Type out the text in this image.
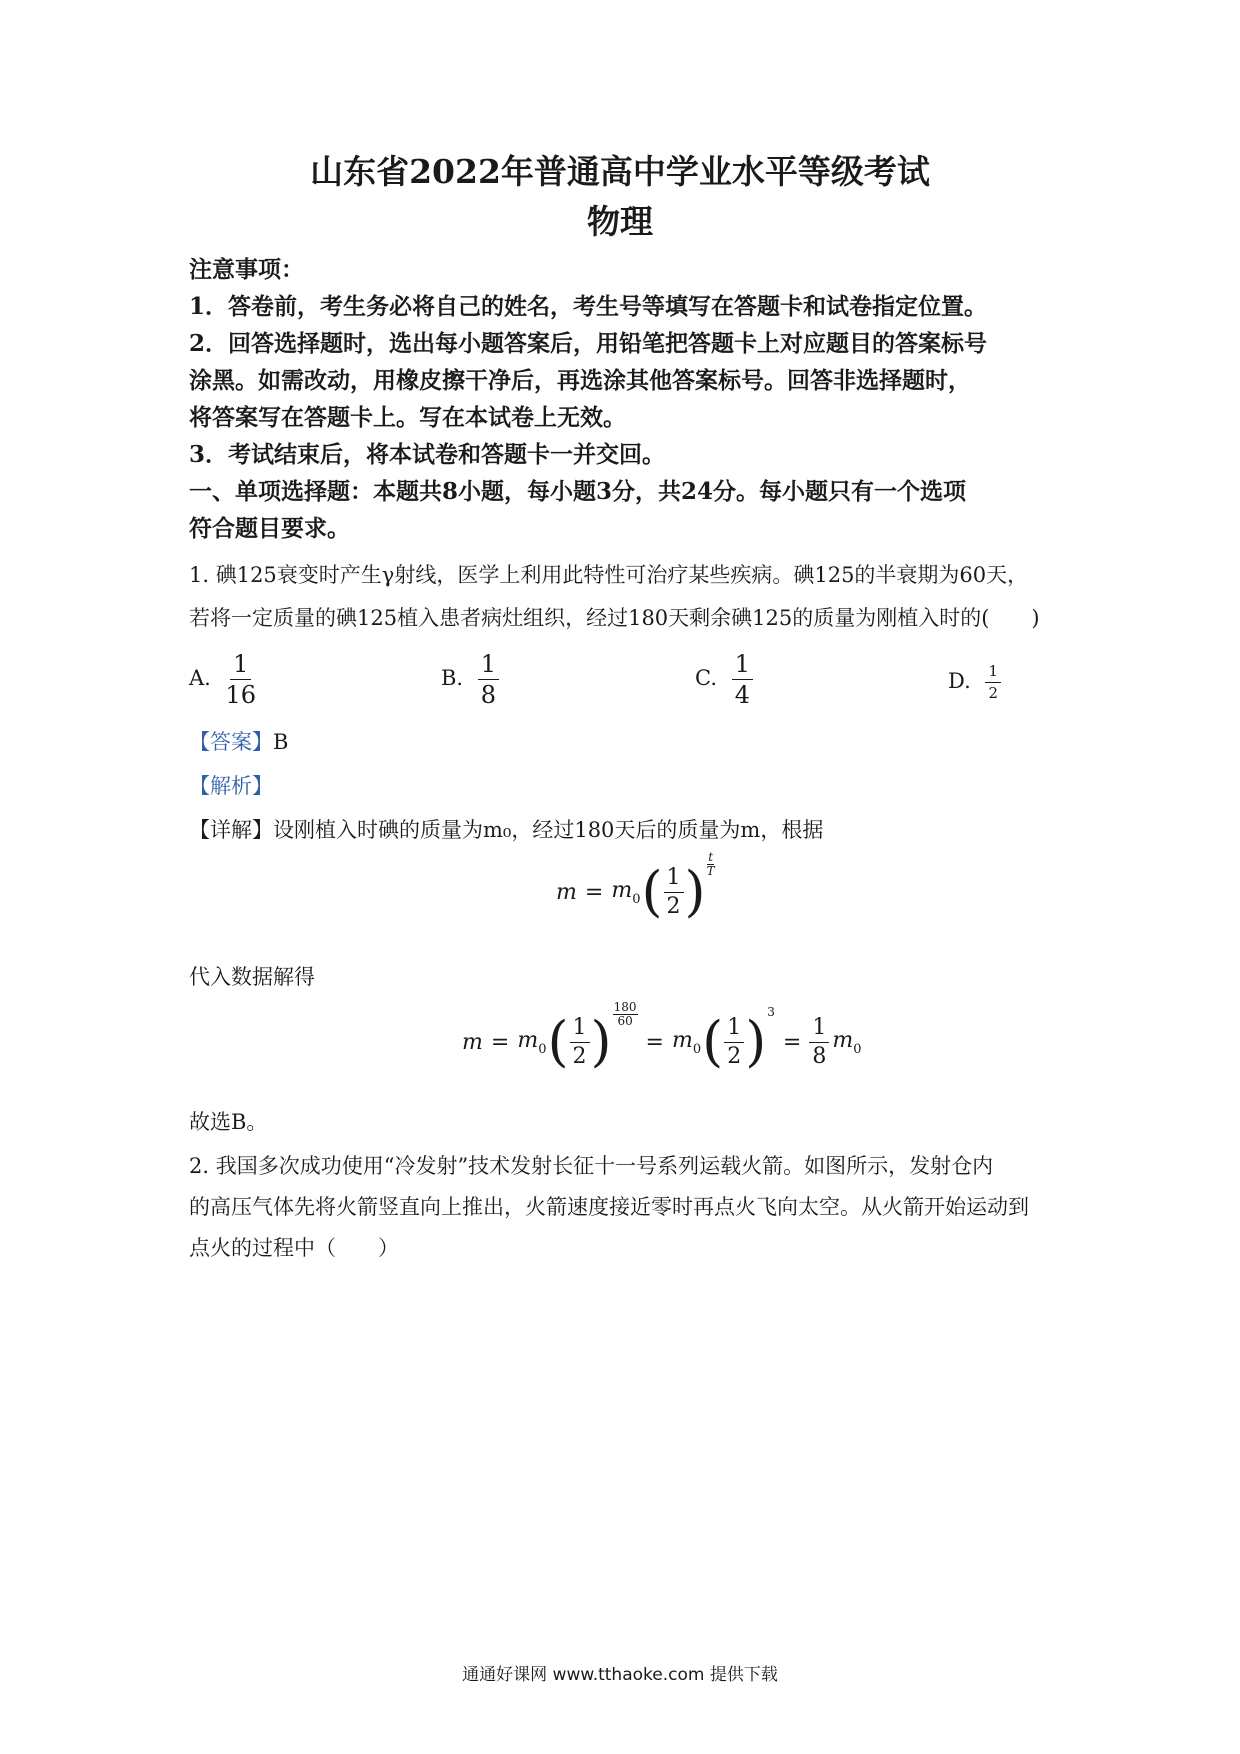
山东省2022年普通高中学业水平等级考试
物理
注意事项：
1．答卷前，考生务必将自己的姓名，考生号等填写在答题卡和试卷指定位置。
2．回答选择题时，选出每小题答案后，用铅笔把答题卡上对应题目的答案标号
涂黑。如需改动，用橡皮擦干净后，再选涂其他答案标号。回答非选择题时，
将答案写在答题卡上。写在本试卷上无效。
3．考试结束后，将本试卷和答题卡一并交回。
一、单项选择题：本题共8小题，每小题3分，共24分。每小题只有一个选项
符合题目要求。
1. 碘125衰变时产生γ射线，医学上利用此特性可治疗某些疾病。碘125的半衰期为60天，
若将一定质量的碘125植入患者病灶组织，经过180天剩余碘125的质量为刚植入时的(　　)
A. $\frac{1}{16}$	B. $\frac{1}{8}$	C. $\frac{1}{4}$	D. $\frac{1}{2}$
【答案】B
【解析】
【详解】设刚植入时碘的质量为m₀，经过180天后的质量为m，根据
$m = m_0$ ( $\frac{1}{2}$ ) $\frac{t}{T}$
代入数据解得
$m = m_0$ ( $\frac{1}{2}$ ) $\frac{180}{60}$
= $m_0$ ( $\frac{1}{2}$ ) 3
= $\frac{1}{8} m_0$
故选B。
2. 我国多次成功使用“冷发射”技术发射长征十一号系列运载火箭。如图所示，发射仓内
的高压气体先将火箭竖直向上推出，火箭速度接近零时再点火飞向太空。从火箭开始运动到
点火的过程中（　　）
通通好课网 www.tthaoke.com 提供下载
